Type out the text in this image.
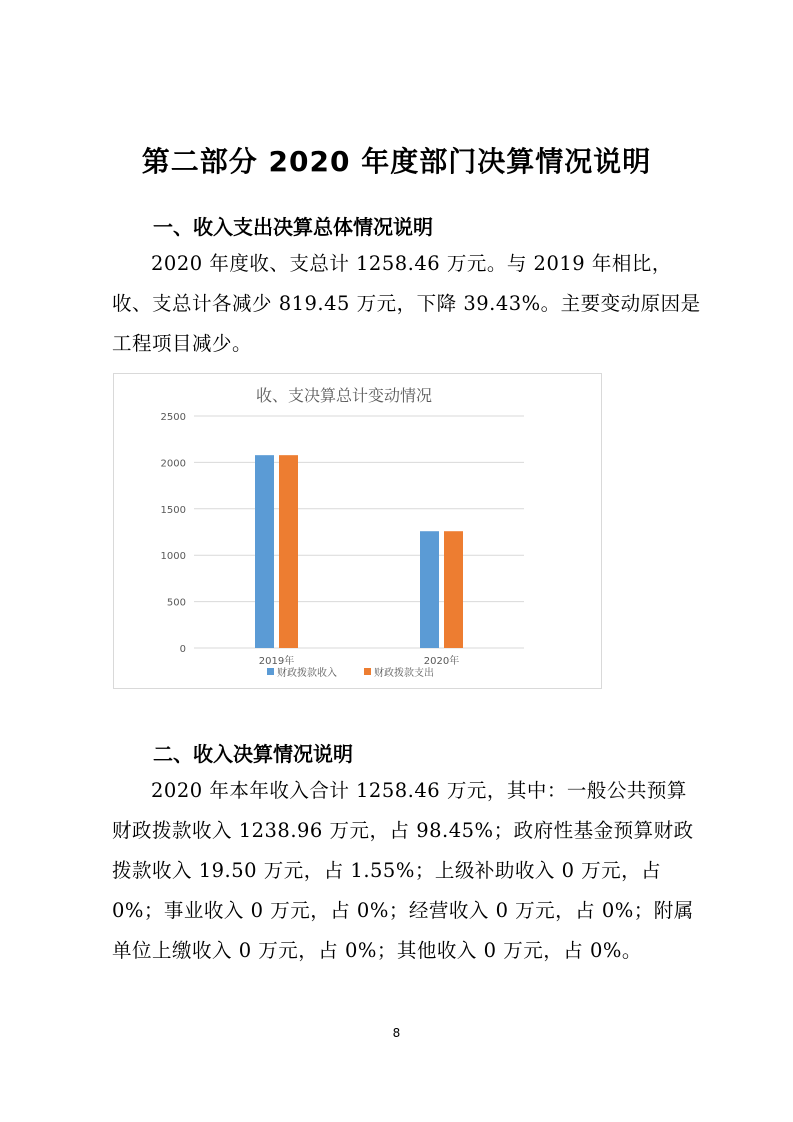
第二部分 2020 年度部门决算情况说明
一、收入支出决算总体情况说明
2020 年度收、支总计 1258.46 万元。与 2019 年相比，收、支总计各减少 819.45 万元，下降 39.43%。主要变动原因是工程项目减少。
收、支决算总计变动情况
0
500
1000
1500
2000
2500
2019年	2020年
财政拨款收入	财政拨款支出
二、收入决算情况说明
2020 年本年收入合计 1258.46 万元，其中：一般公共预算财政拨款收入 1238.96 万元，占 98.45%；政府性基金预算财政拨款收入 19.50 万元，占 1.55%；上级补助收入 0 万元，占 0%；事业收入 0 万元，占 0%；经营收入 0 万元，占 0%；附属单位上缴收入 0 万元，占 0%；其他收入 0 万元，占 0%。
8
